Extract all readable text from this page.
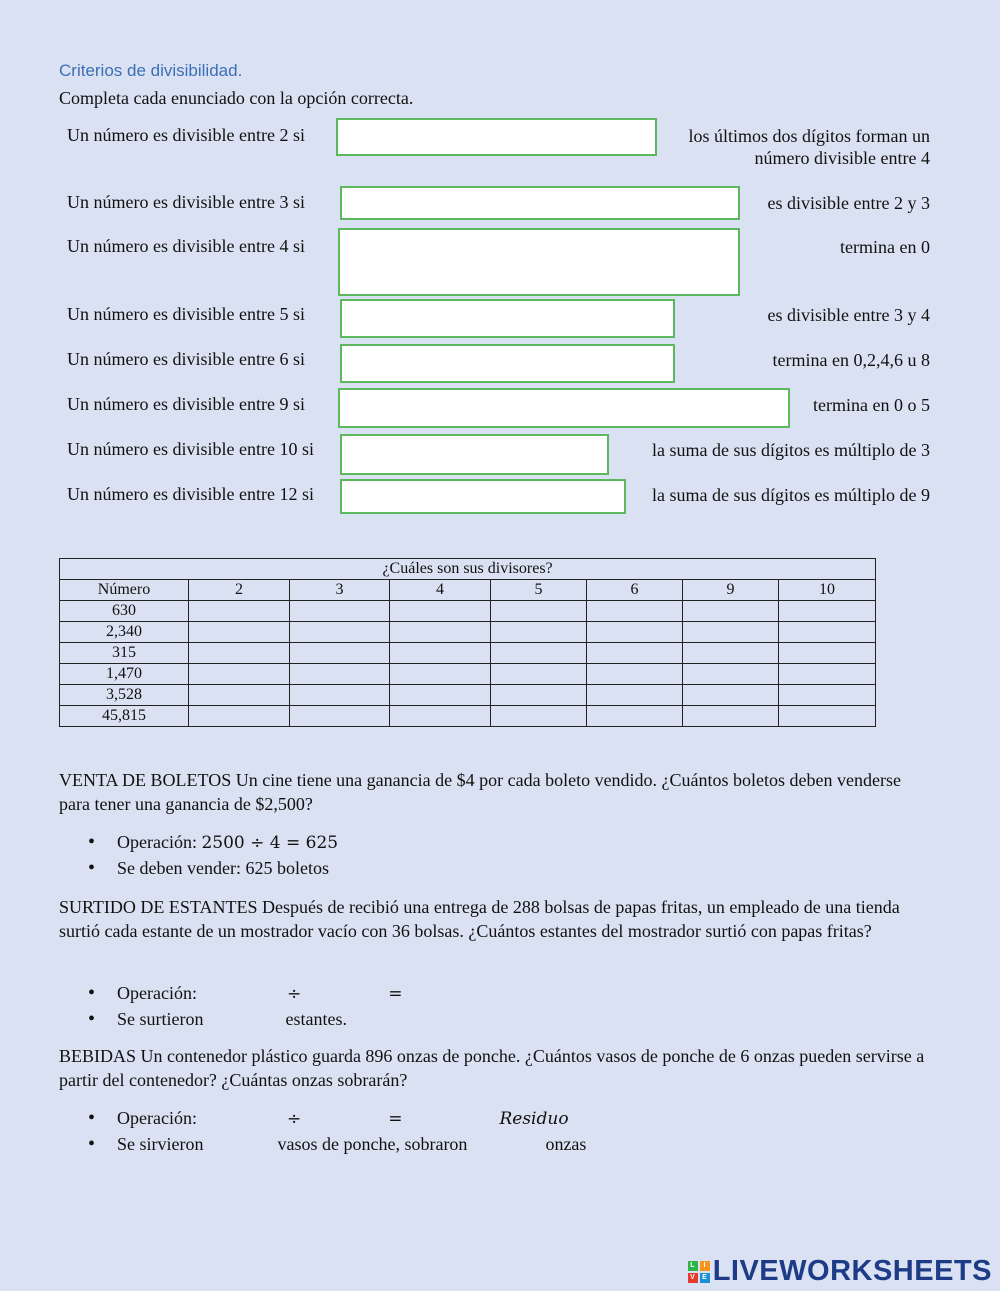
Criterios de divisibilidad.
Completa cada enunciado con la opción correcta.
Un número es divisible entre 2 si	los últimos dos dígitos forman un número divisible entre 4
Un número es divisible entre 3 si	es divisible entre 2 y 3
Un número es divisible entre 4 si	termina en 0
Un número es divisible entre 5 si	es divisible entre 3 y 4
Un número es divisible entre 6 si	termina en 0,2,4,6 u 8
Un número es divisible entre 9 si	termina en 0 o 5
Un número es divisible entre 10 si	la suma de sus dígitos es múltiplo de 3
Un número es divisible entre 12 si	la suma de sus dígitos es múltiplo de 9
¿Cuáles son sus divisores?							
Número	2	3	4	5	6	9	10
630							
2,340							
315							
1,470							
3,528							
45,815							
VENTA DE BOLETOS Un cine tiene una ganancia de $4 por cada boleto vendido. ¿Cuántos boletos deben venderse para tener una ganancia de $2,500?
• Operación: 2500 ÷ 4 = 625
• Se deben vender: 625 boletos
SURTIDO DE ESTANTES Después de recibió una entrega de 288 bolsas de papas fritas, un empleado de una tienda surtió cada estante de un mostrador vacío con 36 bolsas. ¿Cuántos estantes del mostrador surtió con papas fritas?
• Operación:	÷	=
• Se surtieron	estantes.
BEBIDAS Un contenedor plástico guarda 896 onzas de ponche. ¿Cuántos vasos de ponche de 6 onzas pueden servirse a partir del contenedor? ¿Cuántas onzas sobrarán?
• Operación:	÷	=	Residuo
• Se sirvieron	vasos de ponche, sobraron	onzas
L	I
V E LIVEWORKSHEETS
